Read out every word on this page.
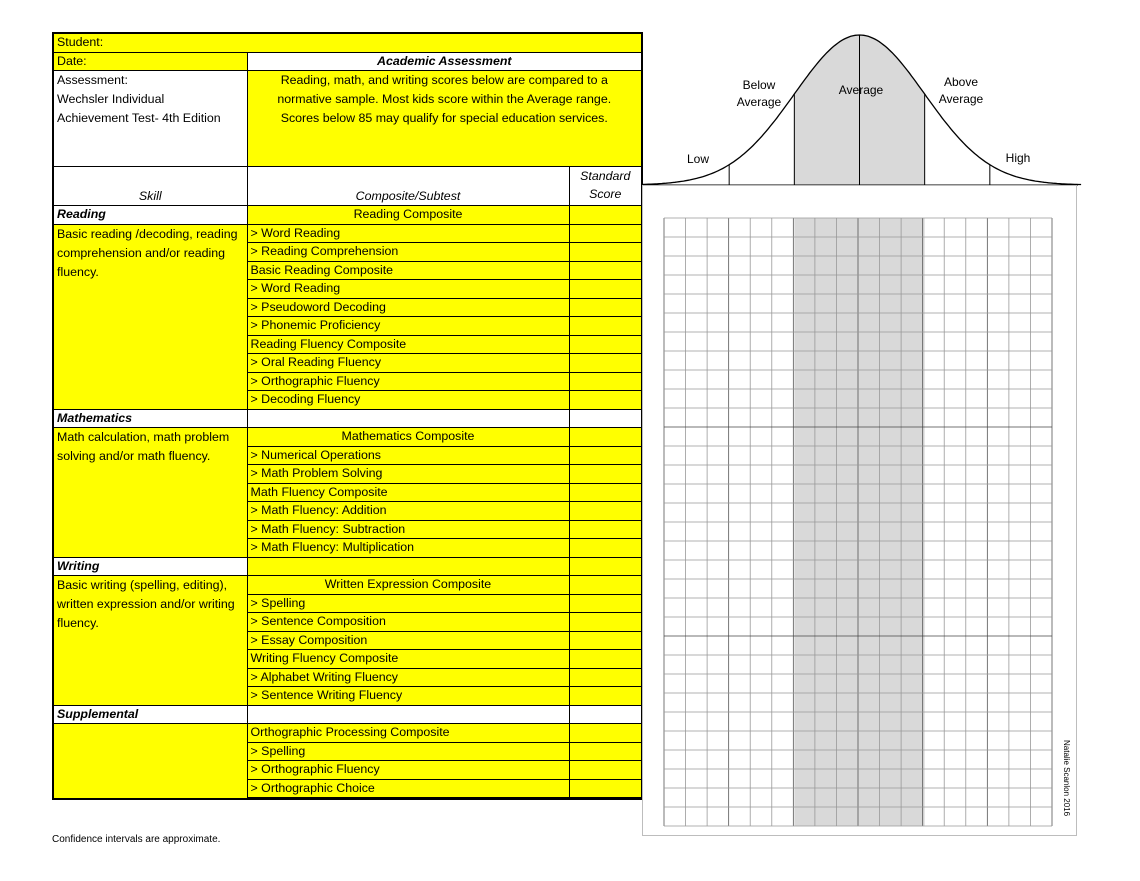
Student:		
Date:	Academic Assessment	

Assessment:
Wechsler Individual
Achievement Test- 4th Edition	Reading, math, and writing scores below are compared to a normative sample. Most kids score within the Average range. Scores below 85 may qualify for special education services.	
Skill	Composite/Subtest	Standard Score
Reading	Reading Composite	
Basic reading /decoding, reading comprehension and/or reading fluency.	> Word Reading	
	> Reading Comprehension	
	Basic Reading Composite	
	> Word Reading	
	> Pseudoword Decoding	
	> Phonemic Proficiency	
	Reading Fluency Composite	
	> Oral Reading Fluency	
	> Orthographic Fluency	
	> Decoding Fluency	
Mathematics		
Math calculation, math problem solving and/or math fluency.	Mathematics Composite	
	> Numerical Operations	
	> Math Problem Solving	
	Math Fluency Composite	
	> Math Fluency: Addition	
	> Math Fluency: Subtraction	
	> Math Fluency: Multiplication	
Writing		
Basic writing (spelling, editing), written expression and/or writing fluency.	Written Expression Composite	
	> Spelling	
	> Sentence Composition	
	> Essay Composition	
	Writing Fluency Composite	
	> Alphabet Writing Fluency	
	> Sentence Writing Fluency	
Supplemental		
	Orthographic Processing Composite	
	> Spelling	
	> Orthographic Fluency	
	> Orthographic Choice	

Confidence intervals are approximate.
Low
Below
Average
Average
Above
Average
High
Natalie Scanlon 2016
